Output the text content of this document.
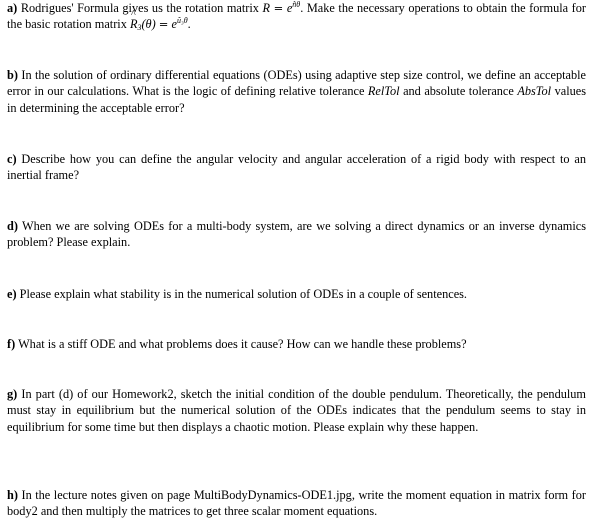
a) Rodrigues' Formula gives us the rotation matrix ^ $R = e^{ñ\theta}$. Make the necessary operations to obtain the formula for the basic rotation matrix ^ $R_3(\theta) = e^{ũ_3\theta}$.
b) In the solution of ordinary differential equations (ODEs) using adaptive step size control, we define an acceptable error in our calculations. What is the logic of defining relative tolerance RelTol and absolute tolerance AbsTol values in determining the acceptable error?
c) Describe how you can define the angular velocity and angular acceleration of a rigid body with respect to an inertial frame?
d) When we are solving ODEs for a multi-body system, are we solving a direct dynamics or an inverse dynamics problem? Please explain.
e) Please explain what stability is in the numerical solution of ODEs in a couple of sentences.
f) What is a stiff ODE and what problems does it cause? How can we handle these problems?
g) In part (d) of our Homework2, sketch the initial condition of the double pendulum. Theoretically, the pendulum must stay in equilibrium but the numerical solution of the ODEs indicates that the pendulum seems to stay in equilibrium for some time but then displays a chaotic motion. Please explain why these happen.
h) In the lecture notes given on page MultiBodyDynamics-ODE1.jpg, write the moment equation in matrix form for body2 and then multiply the matrices to get three scalar moment equations.
